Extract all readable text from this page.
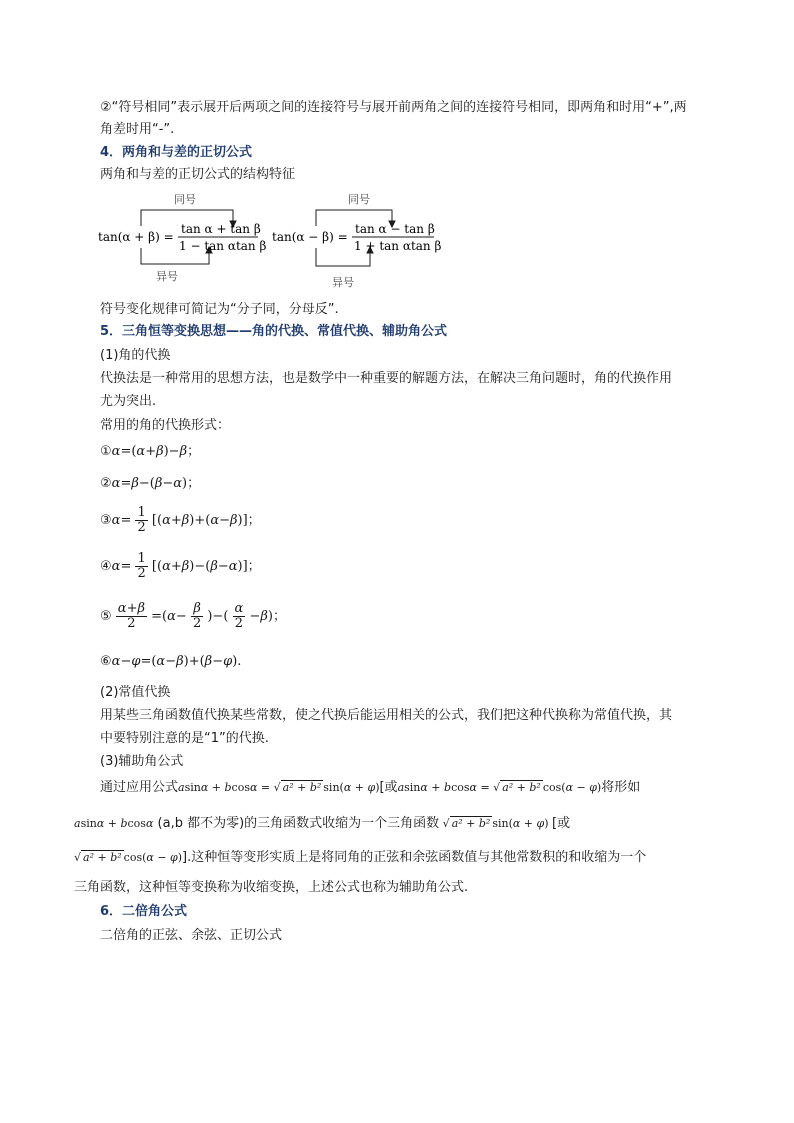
②“符号相同”表示展开后两项之间的连接符号与展开前两角之间的连接符号相同，即两角和时用“+”,两
角差时用“-”.
4．两角和与差的正切公式
两角和与差的正切公式的结构特征
同号
异号
同号
异号
tan(α + β) =
tan α + tan β
1 − tan αtan β
tan(α − β) =
tan α − tan β
1 + tan αtan β
符号变化规律可简记为“分子同，分母反”.
5．三角恒等变换思想——角的代换、常值代换、辅助角公式
(1)角的代换
代换法是一种常用的思想方法，也是数学中一种重要的解题方法，在解决三角问题时，角的代换作用
尤为突出.
常用的角的代换形式：
①α=(α+β)−β；
②α=β−(β−α)；
③α= $\frac{1}{2} [(\alpha+\beta)+(\alpha-\beta)]$；
④α= $\frac{1}{2} [(\alpha+\beta)-(\beta-\alpha)]$；
⑤ $\frac{\alpha+\beta}{2} =(\alpha- \frac{\beta}{2}$ )−( $\frac{\alpha}{2} -\beta$)；
⑥α−φ=(α−β)+(β−φ).
(2)常值代换
用某些三角函数值代换某些常数，使之代换后能运用相关的公式，我们把这种代换称为常值代换，其
中要特别注意的是“1”的代换.
(3)辅助角公式
通过应用公式asinα + bcosα = √ a² + b² sin(α + φ)[或asinα + bcosα = √ a² + b² cos(α − φ)将形如
asinα + bcosα (a,b 都不为零)的三角函数式收缩为一个三角函数 √ a² + b² sin(α + φ) [或
√ a² + b² cos(α − φ)].这种恒等变形实质上是将同角的正弦和余弦函数值与其他常数积的和收缩为一个
三角函数，这种恒等变换称为收缩变换，上述公式也称为辅助角公式.
6．二倍角公式
二倍角的正弦、余弦、正切公式
